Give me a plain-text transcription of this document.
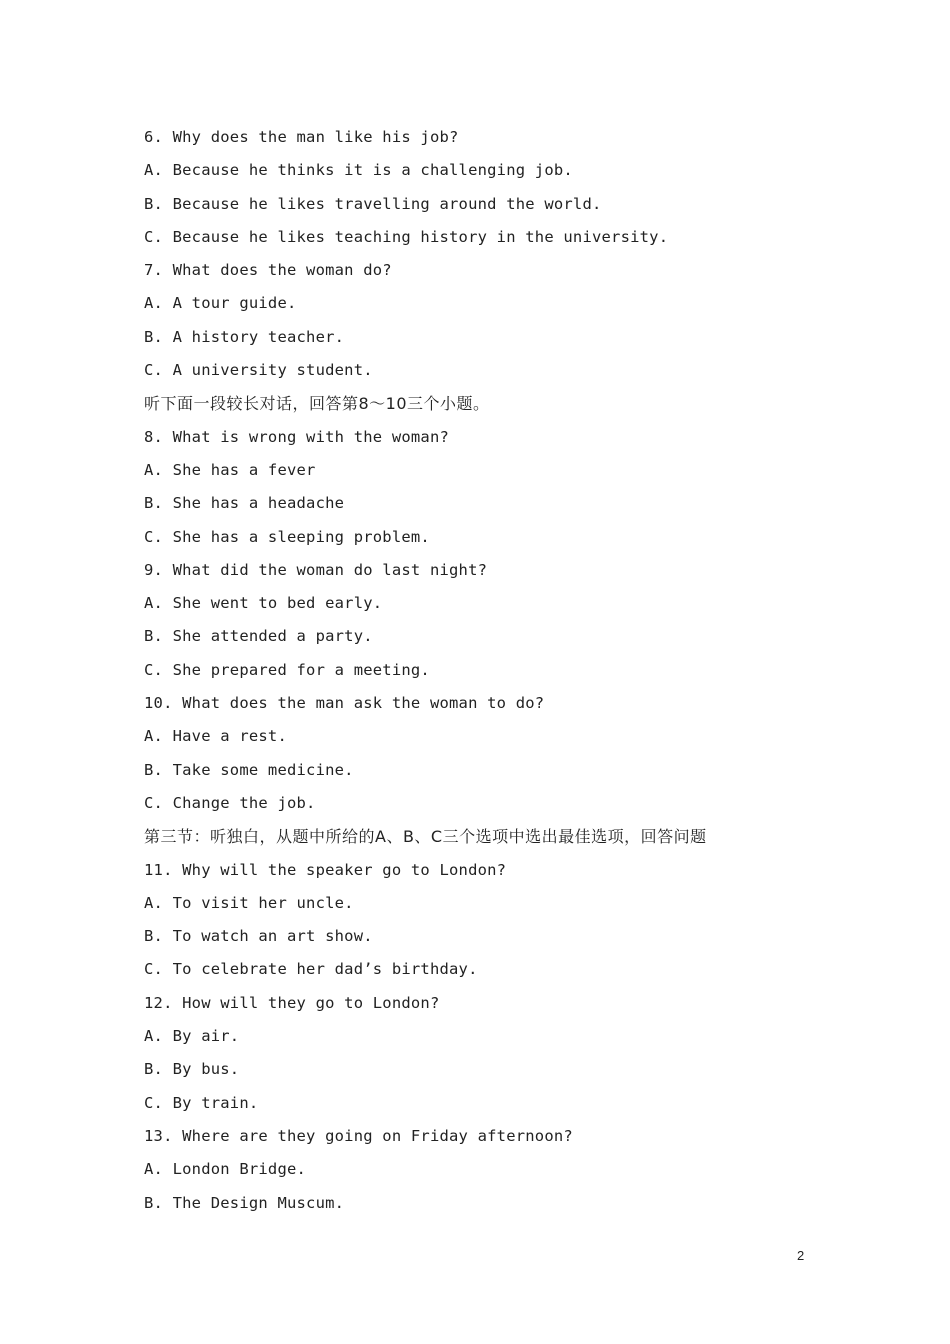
6. Why does the man like his job?
A. Because he thinks it is a challenging job.
B. Because he likes travelling around the world.
C. Because he likes teaching history in the university.
7. What does the woman do?
A. A tour guide.
B. A history teacher.
C. A university student.
听下面一段较长对话，回答第8～10三个小题。
8. What is wrong with the woman?
A. She has a fever
B. She has a headache
C. She has a sleeping problem.
9. What did the woman do last night?
A. She went to bed early.
B. She attended a party.
C. She prepared for a meeting.
10. What does the man ask the woman to do?
A. Have a rest.
B. Take some medicine.
C. Change the job.
第三节：听独白，从题中所给的A、B、C三个选项中选出最佳选项，回答问题
11. Why will the speaker go to London?
A. To visit her uncle.
B. To watch an art show.
C. To celebrate her dad’s birthday.
12. How will they go to London?
A. By air.
B. By bus.
C. By train.
13. Where are they going on Friday afternoon?
A. London Bridge.
B. The Design Muscum.
2
